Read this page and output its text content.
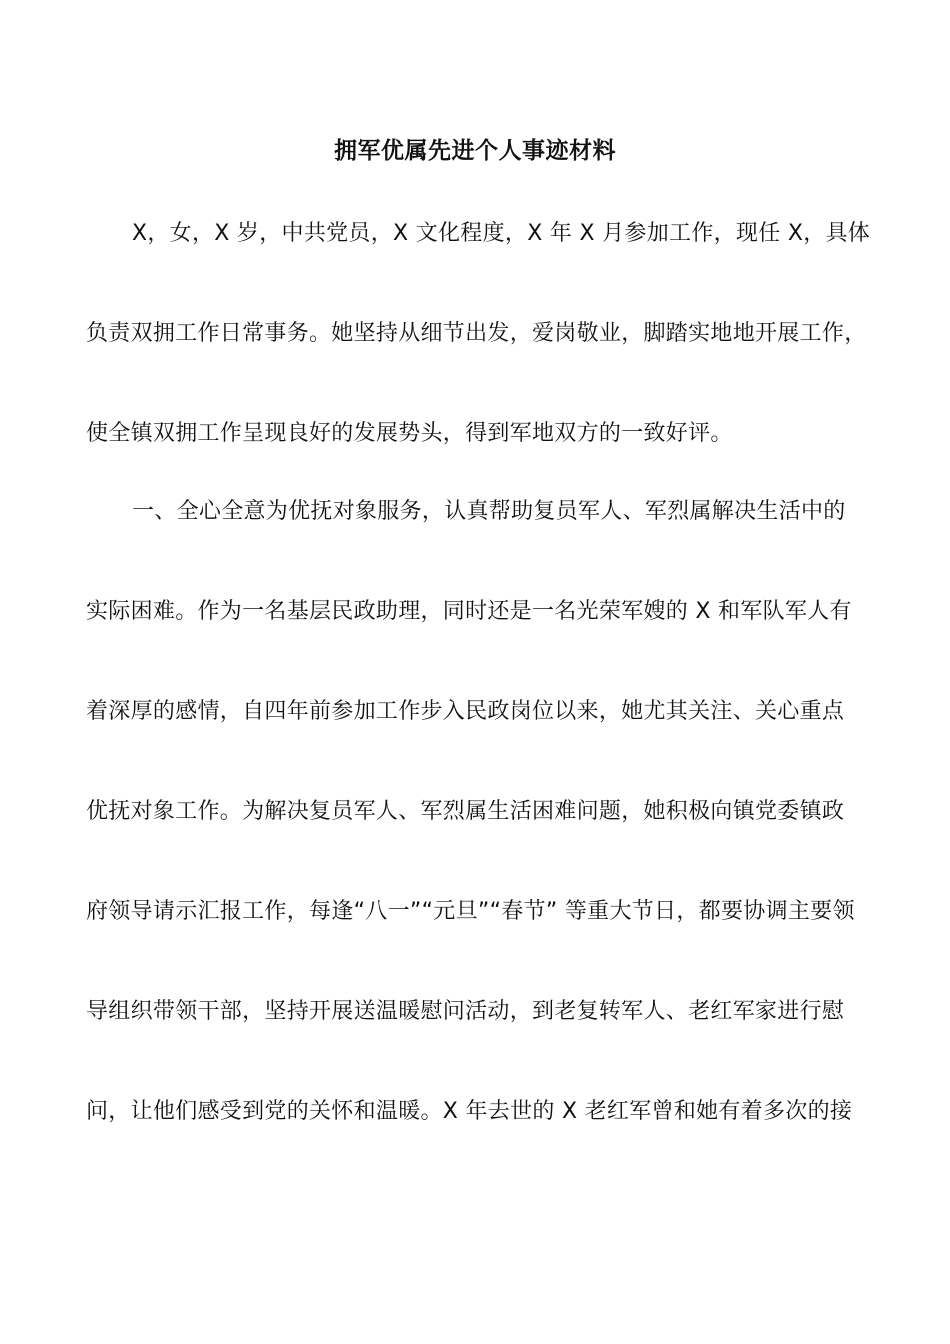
拥军优属先进个人事迹材料
X，女，X 岁，中共党员，X 文化程度，X 年 X 月参加工作，现任 X，具体
负责双拥工作日常事务。她坚持从细节出发，爱岗敬业，脚踏实地地开展工作，
使全镇双拥工作呈现良好的发展势头，得到军地双方的一致好评。
一、全心全意为优抚对象服务，认真帮助复员军人、军烈属解决生活中的
实际困难。作为一名基层民政助理，同时还是一名光荣军嫂的 X 和军队军人有
着深厚的感情，自四年前参加工作步入民政岗位以来，她尤其关注、关心重点
优抚对象工作。为解决复员军人、军烈属生活困难问题，她积极向镇党委镇政
府领导请示汇报工作，每逢“八一”“元旦”“春节” 等重大节日，都要协调主要领
导组织带领干部，坚持开展送温暖慰问活动，到老复转军人、老红军家进行慰
问，让他们感受到党的关怀和温暖。X 年去世的 X 老红军曾和她有着多次的接
